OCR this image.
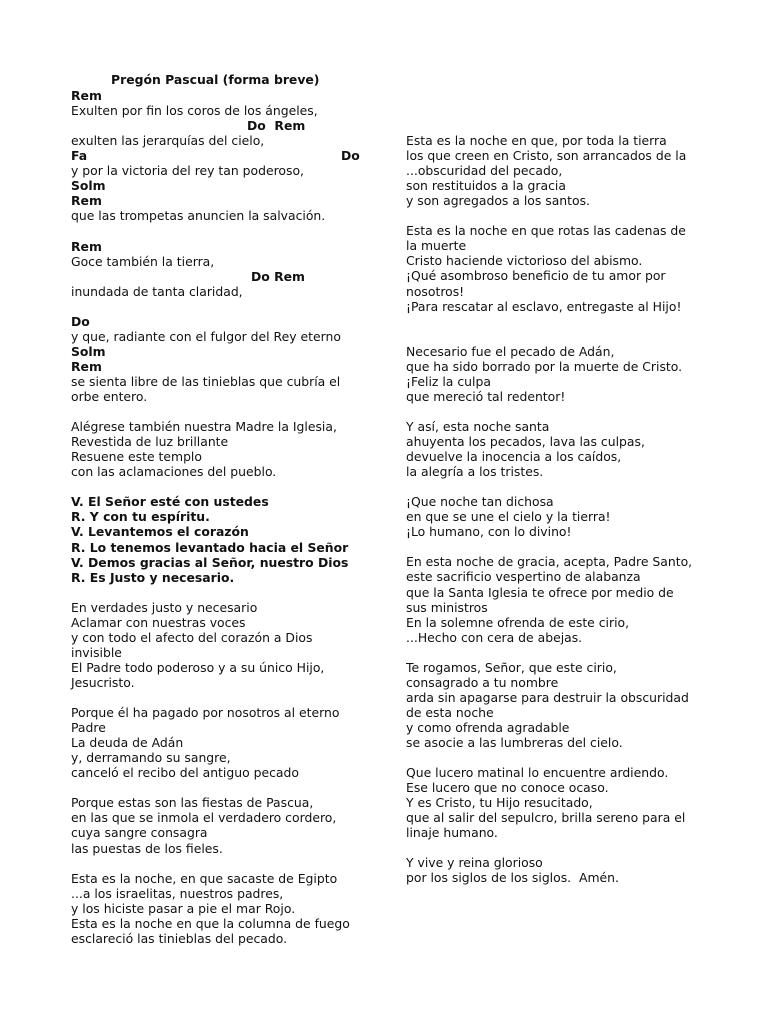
Pregón Pascual (forma breve)
Rem
Exulten por fin los coros de los ángeles,
Do  Rem
exulten las jerarquías del cielo,
Fa	Do
y por la victoria del rey tan poderoso,
Solm
Rem
que las trompetas anuncien la salvación.
Rem
Goce también la tierra,
Do Rem
inundada de tanta claridad,
Do
y que, radiante con el fulgor del Rey eterno
Solm
Rem
se sienta libre de las tinieblas que cubría el
orbe entero.
Alégrese también nuestra Madre la Iglesia,
Revestida de luz brillante
Resuene este templo
con las aclamaciones del pueblo.
V. El Señor esté con ustedes
R. Y con tu espíritu.
V. Levantemos el corazón
R. Lo tenemos levantado hacia el Señor
V. Demos gracias al Señor, nuestro Dios
R. Es Justo y necesario.
En verdades justo y necesario
Aclamar con nuestras voces
y con todo el afecto del corazón a Dios
invisible
El Padre todo poderoso y a su único Hijo,
Jesucristo.
Porque él ha pagado por nosotros al eterno
Padre
La deuda de Adán
y, derramando su sangre,
canceló el recibo del antiguo pecado
Porque estas son las fiestas de Pascua,
en las que se inmola el verdadero cordero,
cuya sangre consagra
las puestas de los fieles.
Esta es la noche, en que sacaste de Egipto
...a los israelitas, nuestros padres,
y los hiciste pasar a pie el mar Rojo.
Esta es la noche en que la columna de fuego
esclareció las tinieblas del pecado.
Esta es la noche en que, por toda la tierra
los que creen en Cristo, son arrancados de la
...obscuridad del pecado,
son restituidos a la gracia
y son agregados a los santos.
Esta es la noche en que rotas las cadenas de
la muerte
Cristo haciende victorioso del abismo.
¡Qué asombroso beneficio de tu amor por
nosotros!
¡Para rescatar al esclavo, entregaste al Hijo!
Necesario fue el pecado de Adán,
que ha sido borrado por la muerte de Cristo.
¡Feliz la culpa
que mereció tal redentor!
Y así, esta noche santa
ahuyenta los pecados, lava las culpas,
devuelve la inocencia a los caídos,
la alegría a los tristes.
¡Que noche tan dichosa
en que se une el cielo y la tierra!
¡Lo humano, con lo divino!
En esta noche de gracia, acepta, Padre Santo,
este sacrificio vespertino de alabanza
que la Santa Iglesia te ofrece por medio de
sus ministros
En la solemne ofrenda de este cirio,
...Hecho con cera de abejas.
Te rogamos, Señor, que este cirio,
consagrado a tu nombre
arda sin apagarse para destruir la obscuridad
de esta noche
y como ofrenda agradable
se asocie a las lumbreras del cielo.
Que lucero matinal lo encuentre ardiendo.
Ese lucero que no conoce ocaso.
Y es Cristo, tu Hijo resucitado,
que al salir del sepulcro, brilla sereno para el
linaje humano.
Y vive y reina glorioso
por los siglos de los siglos.  Amén.
